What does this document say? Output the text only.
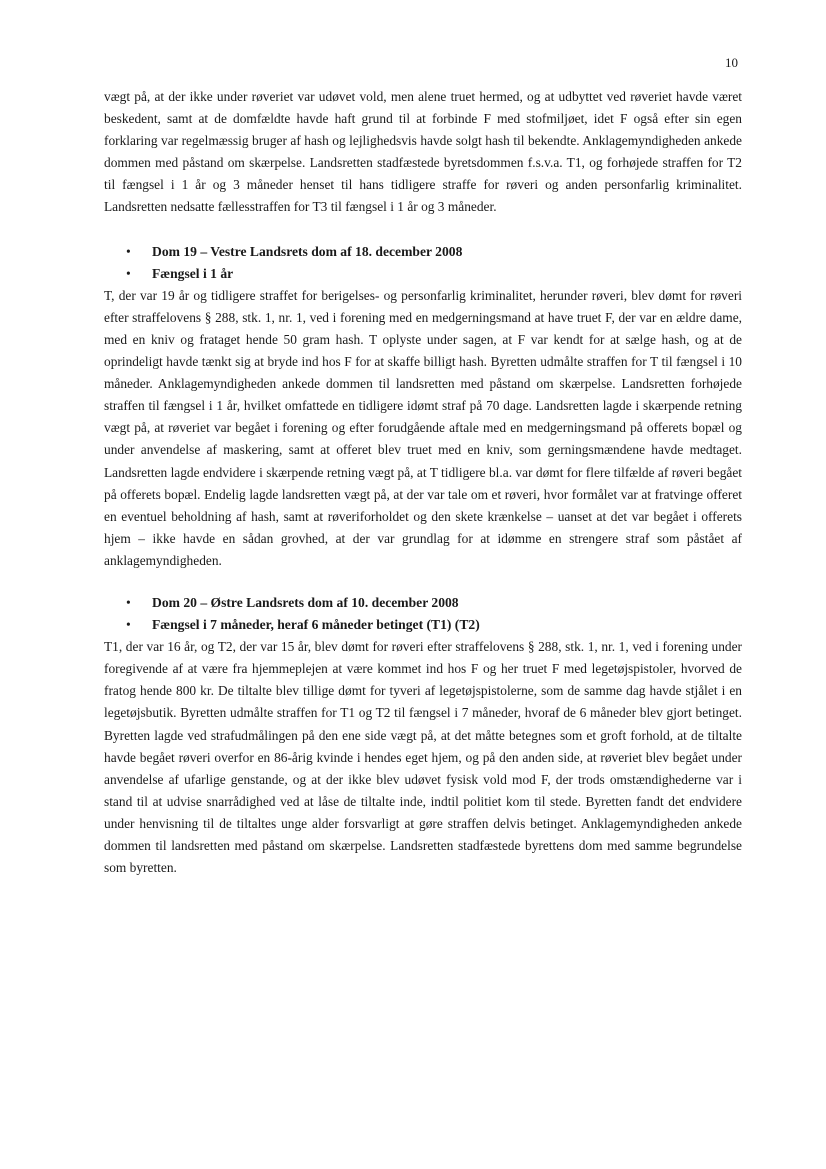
10

vægt på, at der ikke under røveriet var udøvet vold, men alene truet hermed, og at udbyttet ved røveriet havde været beskedent, samt at de domfældte havde haft grund til at forbinde F med stofmiljøet, idet F også efter sin egen forklaring var regelmæssig bruger af hash og lejlighedsvis havde solgt hash til bekendte. Anklagemyndigheden ankede dommen med påstand om skærpelse. Landsretten stadfæstede byretsdommen f.s.v.a. T1, og forhøjede straffen for T2 til fængsel i 1 år og 3 måneder henset til hans tidligere straffe for røveri og anden personfarlig kriminalitet. Landsretten nedsatte fællesstraffen for T3 til fængsel i 1 år og 3 måneder.

• Dom 19 – Vestre Landsrets dom af 18. december 2008
• Fængsel i 1 år

T, der var 19 år og tidligere straffet for berigelses- og personfarlig kriminalitet, herunder røveri, blev dømt for røveri efter straffelovens § 288, stk. 1, nr. 1, ved i forening med en medgerningsmand at have truet F, der var en ældre dame, med en kniv og frataget hende 50 gram hash. T oplyste under sagen, at F var kendt for at sælge hash, og at de oprindeligt havde tænkt sig at bryde ind hos F for at skaffe billigt hash. Byretten udmålte straffen for T til fængsel i 10 måneder. Anklagemyndigheden ankede dommen til landsretten med påstand om skærpelse. Landsretten forhøjede straffen til fængsel i 1 år, hvilket omfattede en tidligere idømt straf på 70 dage. Landsretten lagde i skærpende retning vægt på, at røveriet var begået i forening og efter forudgående aftale med en medgerningsmand på offerets bopæl og under anvendelse af maskering, samt at offeret blev truet med en kniv, som gerningsmændene havde medtaget. Landsretten lagde endvidere i skærpende retning vægt på, at T tidligere bl.a. var dømt for flere tilfælde af røveri begået på offerets bopæl. Endelig lagde landsretten vægt på, at der var tale om et røveri, hvor formålet var at fratvinge offeret en eventuel beholdning af hash, samt at røveriforholdet og den skete krænkelse – uanset at det var begået i offerets hjem – ikke havde en sådan grovhed, at der var grundlag for at idømme en strengere straf som påstået af anklagemyndigheden.

• Dom 20 – Østre Landsrets dom af 10. december 2008
• Fængsel i 7 måneder, heraf 6 måneder betinget (T1) (T2)

T1, der var 16 år, og T2, der var 15 år, blev dømt for røveri efter straffelovens § 288, stk. 1, nr. 1, ved i forening under foregivende af at være fra hjemmeplejen at være kommet ind hos F og her truet F med legetøjspistoler, hvorved de fratog hende 800 kr. De tiltalte blev tillige dømt for tyveri af legetøjspistolerne, som de samme dag havde stjålet i en legetøjsbutik. Byretten udmålte straffen for T1 og T2 til fængsel i 7 måneder, hvoraf de 6 måneder blev gjort betinget. Byretten lagde ved strafudmålingen på den ene side vægt på, at det måtte betegnes som et groft forhold, at de tiltalte havde begået røveri overfor en 86-årig kvinde i hendes eget hjem, og på den anden side, at røveriet blev begået under anvendelse af ufarlige genstande, og at der ikke blev udøvet fysisk vold mod F, der trods omstændighederne var i stand til at udvise snarrådighed ved at låse de tiltalte inde, indtil politiet kom til stede. Byretten fandt det endvidere under henvisning til de tiltaltes unge alder forsvarligt at gøre straffen delvis betinget. Anklagemyndigheden ankede dommen til landsretten med påstand om skærpelse. Landsretten stadfæstede byrettens dom med samme begrundelse som byretten.
